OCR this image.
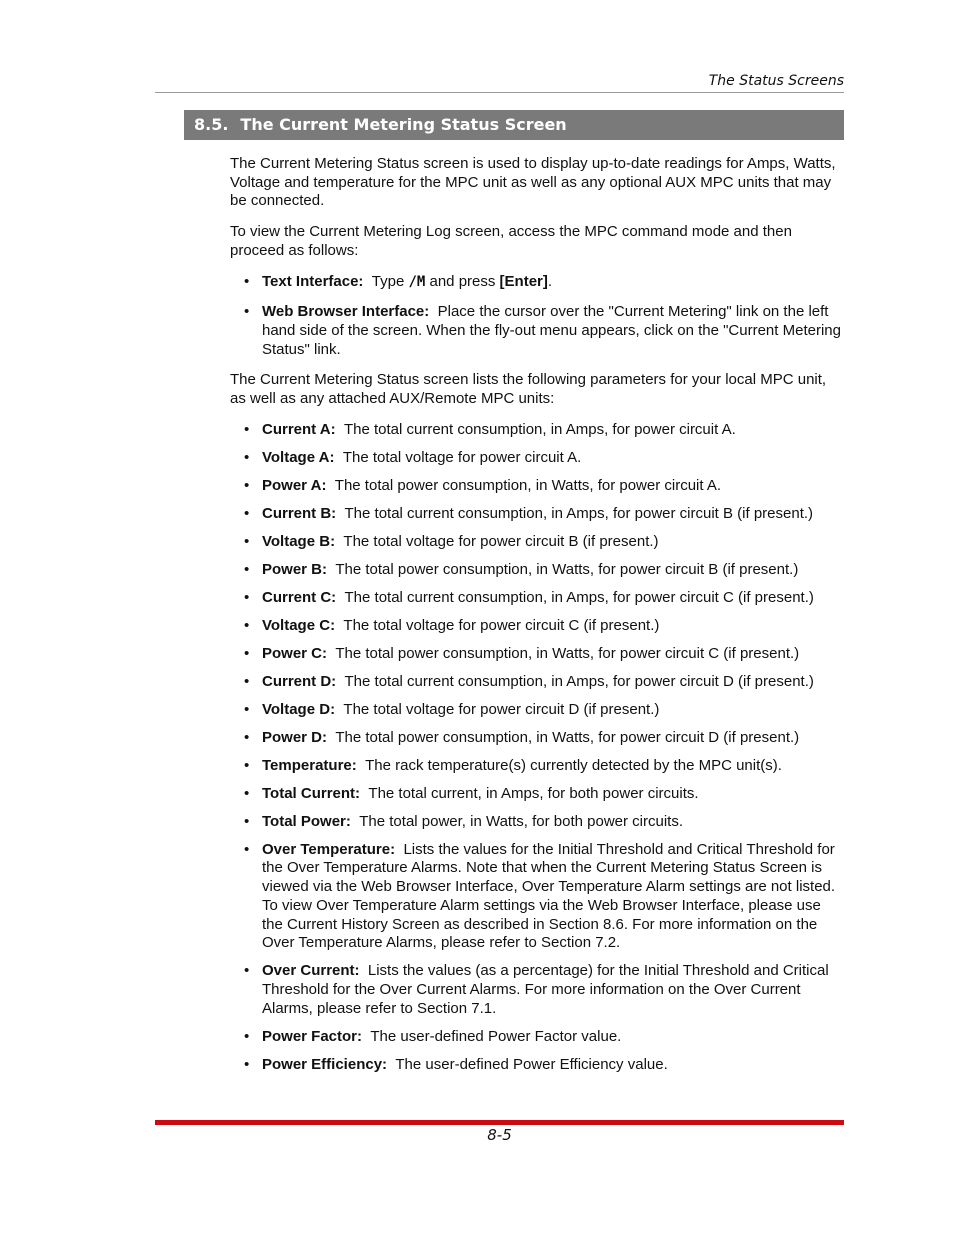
The Status Screens
8.5. The Current Metering Status Screen

The Current Metering Status screen is used to display up-to-date readings for Amps, Watts, Voltage and temperature for the MPC unit as well as any optional AUX MPC units that may be connected.

To view the Current Metering Log screen, access the MPC command mode and then proceed as follows:

• Text Interface: Type /M and press [Enter].
• Web Browser Interface: Place the cursor over the "Current Metering" link on the left hand side of the screen. When the fly-out menu appears, click on the "Current Metering Status" link.

The Current Metering Status screen lists the following parameters for your local MPC unit, as well as any attached AUX/Remote MPC units:

• Current A: The total current consumption, in Amps, for power circuit A.
• Voltage A: The total voltage for power circuit A.
• Power A: The total power consumption, in Watts, for power circuit A.
• Current B: The total current consumption, in Amps, for power circuit B (if present.)
• Voltage B: The total voltage for power circuit B (if present.)
• Power B: The total power consumption, in Watts, for power circuit B (if present.)
• Current C: The total current consumption, in Amps, for power circuit C (if present.)
• Voltage C: The total voltage for power circuit C (if present.)
• Power C: The total power consumption, in Watts, for power circuit C (if present.)
• Current D: The total current consumption, in Amps, for power circuit D (if present.)
• Voltage D: The total voltage for power circuit D (if present.)
• Power D: The total power consumption, in Watts, for power circuit D (if present.)
• Temperature: The rack temperature(s) currently detected by the MPC unit(s).
• Total Current: The total current, in Amps, for both power circuits.
• Total Power: The total power, in Watts, for both power circuits.
• Over Temperature: Lists the values for the Initial Threshold and Critical Threshold for the Over Temperature Alarms. Note that when the Current Metering Status Screen is viewed via the Web Browser Interface, Over Temperature Alarm settings are not listed. To view Over Temperature Alarm settings via the Web Browser Interface, please use the Current History Screen as described in Section 8.6. For more information on the Over Temperature Alarms, please refer to Section 7.2.
• Over Current: Lists the values (as a percentage) for the Initial Threshold and Critical Threshold for the Over Current Alarms. For more information on the Over Current Alarms, please refer to Section 7.1.
• Power Factor: The user-defined Power Factor value.
• Power Efficiency: The user-defined Power Efficiency value.
8-5
